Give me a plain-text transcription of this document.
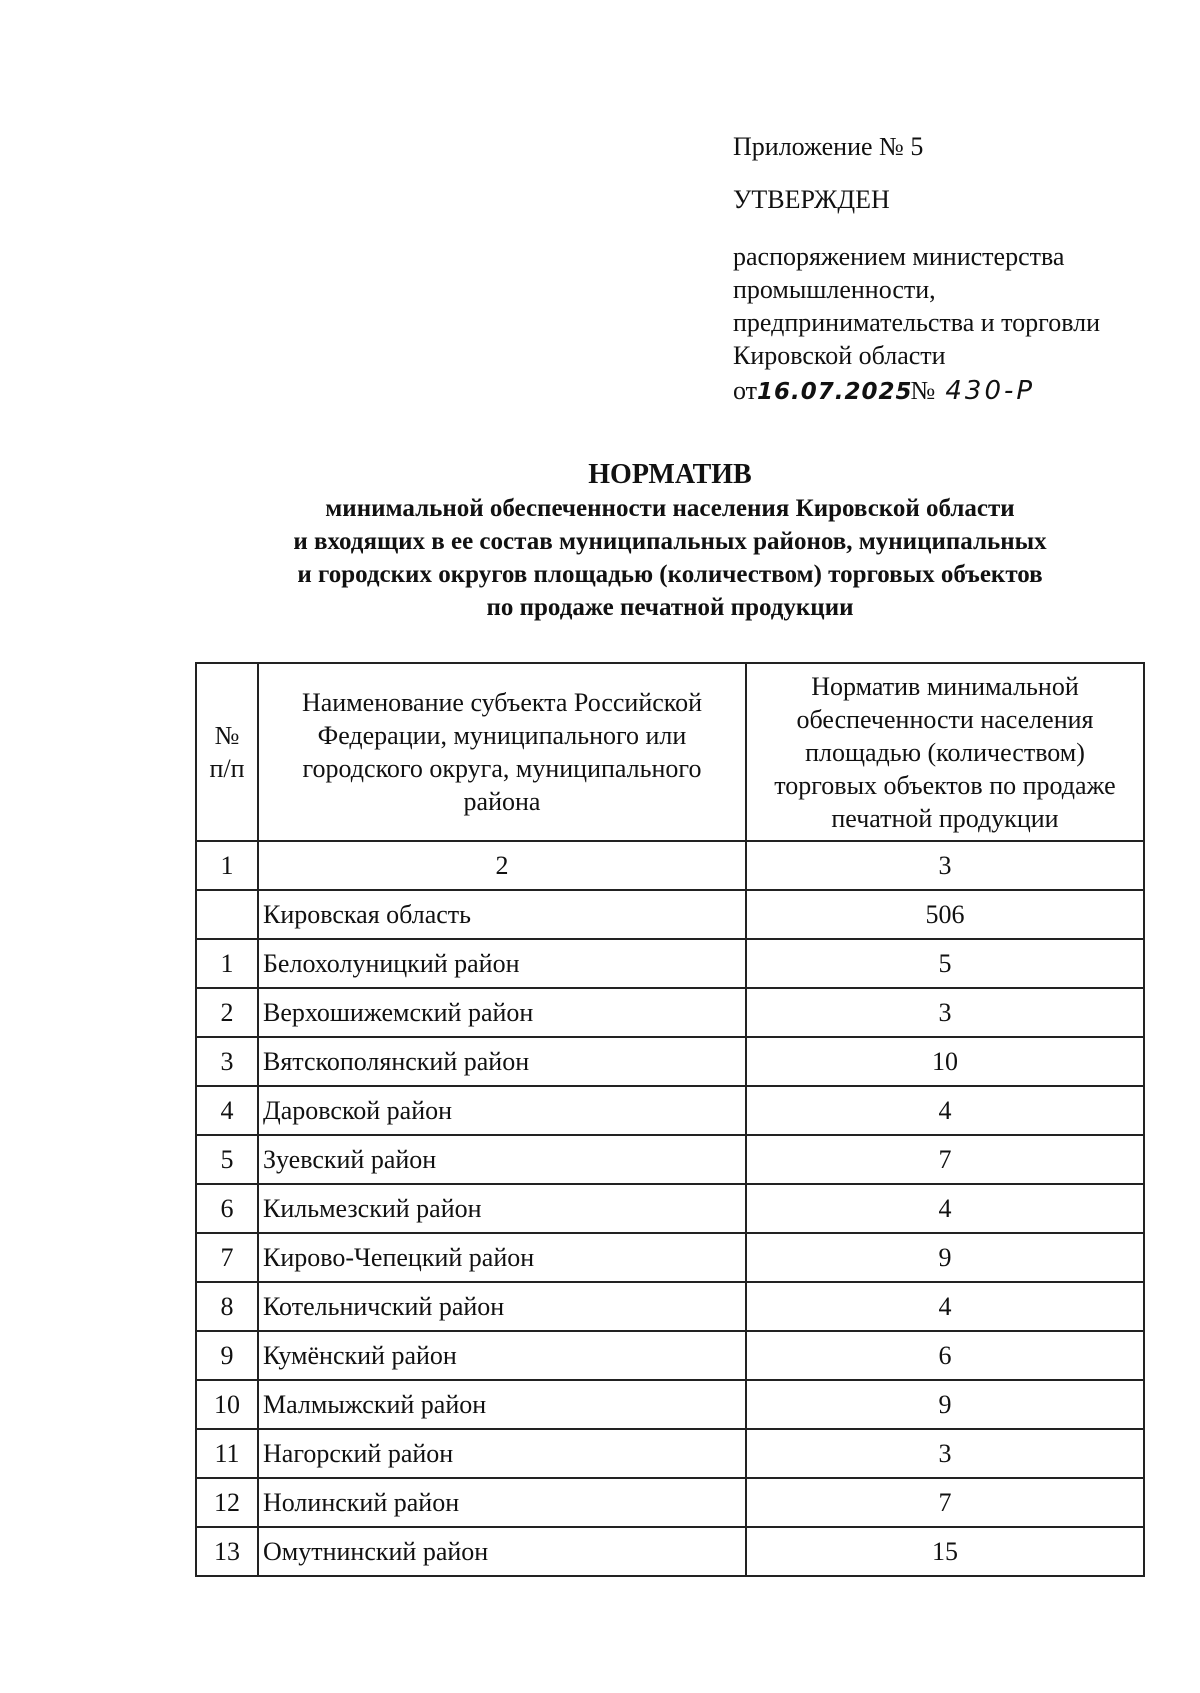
Приложение № 5
УТВЕРЖДЕН
распоряжением министерства
промышленности,
предпринимательства и торговли
Кировской области
от16.07.2025№ 430-Р
НОРМАТИВ
минимальной обеспеченности населения Кировской области
и входящих в ее состав муниципальных районов, муниципальных
и городских округов площадью (количеством) торговых объектов
по продаже печатной продукции
№ п/п	Наименование субъекта Российской Федерации, муниципального или городского округа, муниципального района	Норматив минимальной обеспеченности населения площадью (количеством) торговых объектов по продаже печатной продукции
1	2	3
	Кировская область	506
1	Белохолуницкий район	5
2	Верхошижемский район	3
3	Вятскополянский район	10
4	Даровской район	4
5	Зуевский район	7
6	Кильмезский район	4
7	Кирово-Чепецкий район	9
8	Котельничский район	4
9	Кумёнский район	6
10	Малмыжский район	9
11	Нагорский район	3
12	Нолинский район	7
13	Омутнинский район	15
